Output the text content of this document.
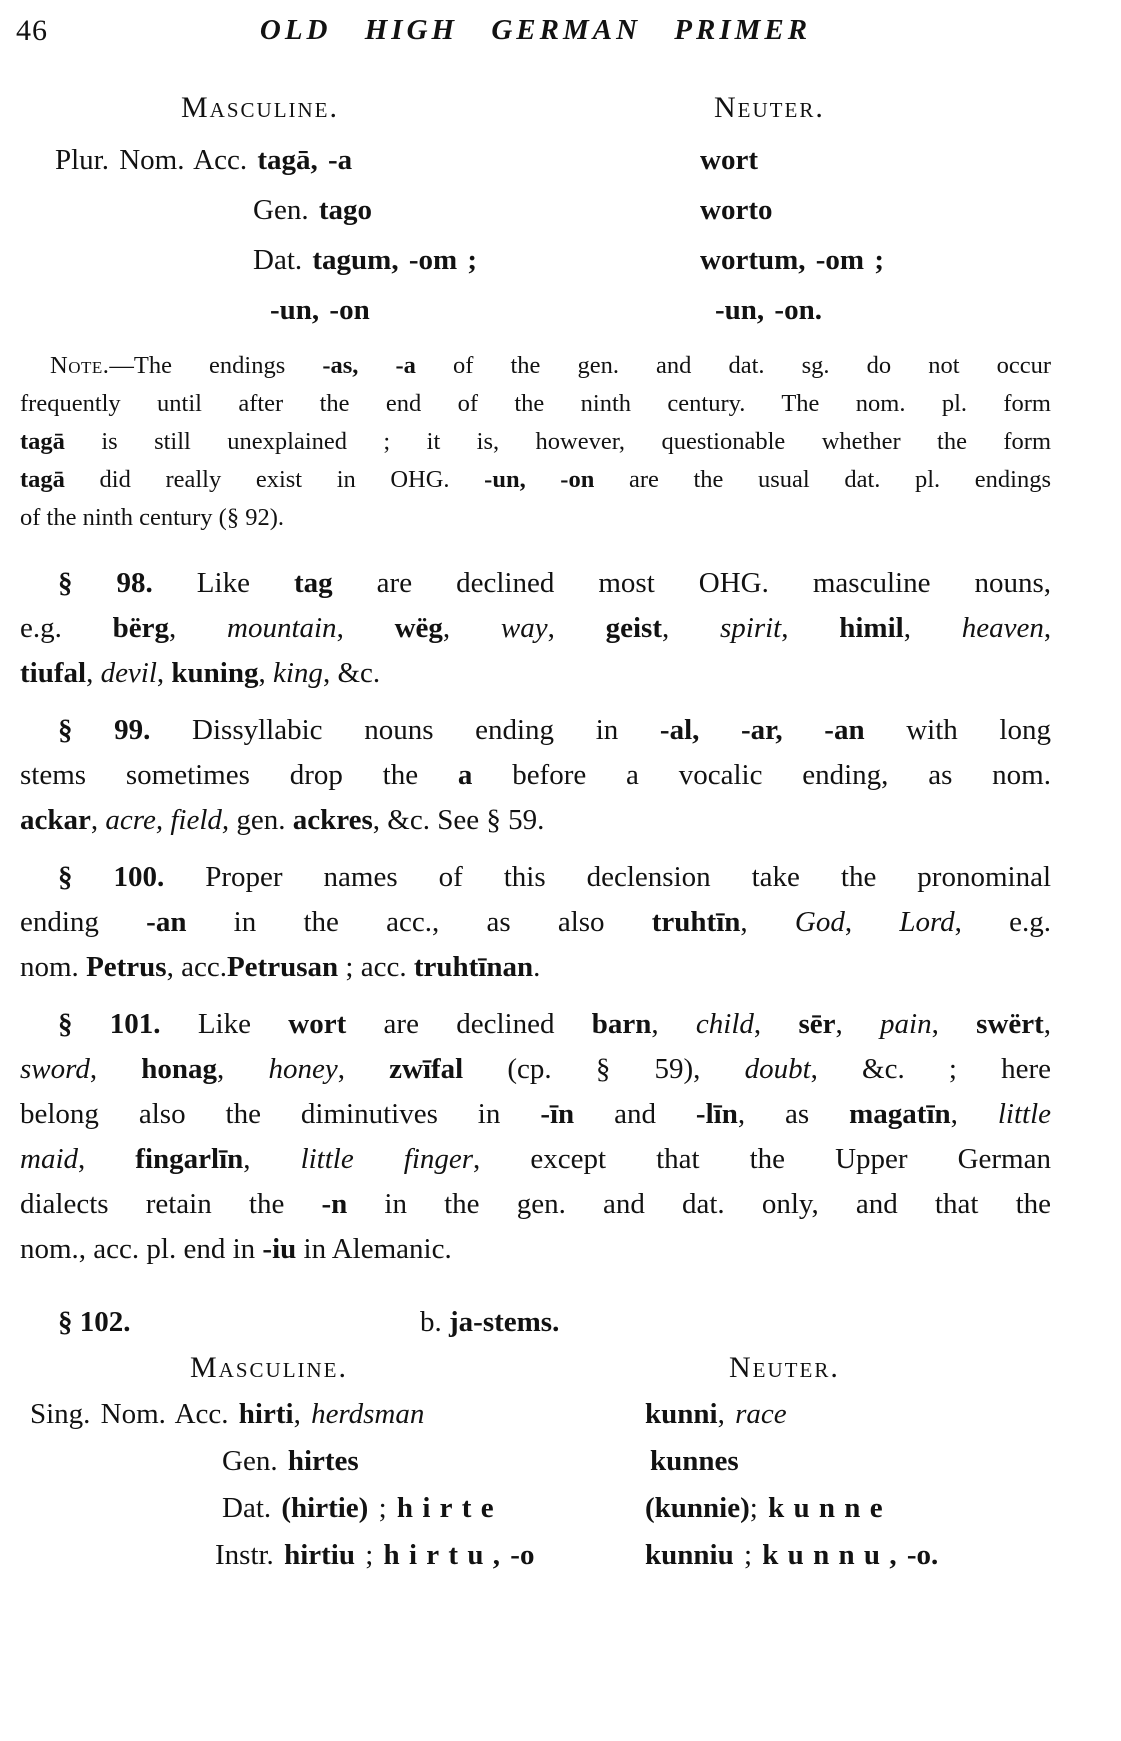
46	OLD HIGH GERMAN PRIMER
Masculine.	Neuter.
Plur. Nom. Acc. tagā, -a	wort
Gen. tago	worto
Dat. tagum, -om ;	wortum, -om ;
-un, -on	-un, -on.

Note.—The endings -as, -a of the gen. and dat. sg. do not occur
frequently until after the end of the ninth century. The nom. pl. form
tagā is still unexplained ; it is, however, questionable whether the form
tagā did really exist in OHG. -un, -on are the usual dat. pl. endings
of the ninth century (§ 92).

§ 98. Like tag are declined most OHG. masculine nouns,
e.g. bërg, mountain, wëg, way, geist, spirit, himil, heaven,
tiufal, devil, kuning, king, &c.

§ 99. Dissyllabic nouns ending in -al, -ar, -an with long
stems sometimes drop the a before a vocalic ending, as nom.
ackar, acre, field, gen. ackres, &c. See § 59.

§ 100. Proper names of this declension take the pronominal
ending -an in the acc., as also truhtīn, God, Lord, e.g.
nom. Petrus, acc.Petrusan ; acc. truhtīnan.

§ 101. Like wort are declined barn, child, sēr, pain, swërt,
sword, honag, honey, zwīfal (cp. § 59), doubt, &c. ; here
belong also the diminutives in -īn and -līn, as magatīn, little
maid, fingarlīn, little finger, except that the Upper German
dialects retain the -n in the gen. and dat. only, and that the
nom., acc. pl. end in -iu in Alemanic.

§ 102.	b. ja-stems.
Masculine.	Neuter.
Sing. Nom. Acc. hirti, herdsman	kunni, race
Gen. hirtes	kunnes
Dat. (hirtie) ; hirte	(kunnie); kunne
Instr. hirtiu ; hirtu, -o	kunniu ; kunnu, -o.
